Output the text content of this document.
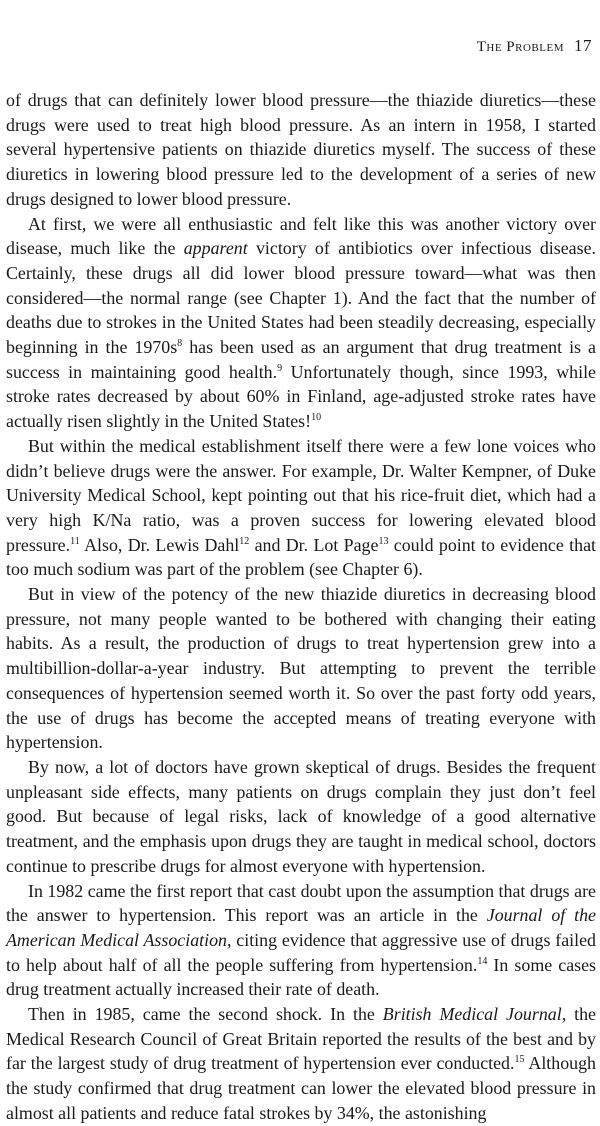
The Problem 17

of drugs that can definitely lower blood pressure—the thiazide diuretics—these drugs were used to treat high blood pressure. As an intern in 1958, I started several hypertensive patients on thiazide diuretics myself. The success of these diuretics in lowering blood pressure led to the development of a series of new drugs designed to lower blood pressure.

At first, we were all enthusiastic and felt like this was another victory over disease, much like the apparent victory of antibiotics over infectious disease. Certainly, these drugs all did lower blood pressure toward—what was then considered—the normal range (see Chapter 1). And the fact that the number of deaths due to strokes in the United States had been steadily decreasing, especially beginning in the $1970s^8$ has been used as an argument that drug treatment is a success in maintaining good health.$^9$ Unfortunately though, since 1993, while stroke rates decreased by about 60% in Finland, age-adjusted stroke rates have actually risen slightly in the United States!$^{10}$

But within the medical establishment itself there were a few lone voices who didn’t believe drugs were the answer. For example, Dr. Walter Kempner, of Duke University Medical School, kept pointing out that his rice-fruit diet, which had a very high K/Na ratio, was a proven success for lowering elevated blood pressure.$^{11}$ Also, Dr. Lewis Dahl$^{12}$ and Dr. Lot Page$^{13}$ could point to evidence that too much sodium was part of the problem (see Chapter 6).

But in view of the potency of the new thiazide diuretics in decreasing blood pressure, not many people wanted to be bothered with changing their eating habits. As a result, the production of drugs to treat hypertension grew into a multibillion-dollar-a-year industry. But attempting to prevent the terrible consequences of hypertension seemed worth it. So over the past forty odd years, the use of drugs has become the accepted means of treating everyone with hypertension.

By now, a lot of doctors have grown skeptical of drugs. Besides the frequent unpleasant side effects, many patients on drugs complain they just don’t feel good. But because of legal risks, lack of knowledge of a good alternative treatment, and the emphasis upon drugs they are taught in medical school, doctors continue to prescribe drugs for almost everyone with hypertension.

In 1982 came the first report that cast doubt upon the assumption that drugs are the answer to hypertension. This report was an article in the Journal of the American Medical Association, citing evidence that aggressive use of drugs failed to help about half of all the people suffering from hypertension.$^{14}$ In some cases drug treatment actually increased their rate of death.

Then in 1985, came the second shock. In the British Medical Journal, the Medical Research Council of Great Britain reported the results of the best and by far the largest study of drug treatment of hypertension ever conducted.$^{15}$ Although the study confirmed that drug treatment can lower the elevated blood pressure in almost all patients and reduce fatal strokes by 34%, the astonishing
